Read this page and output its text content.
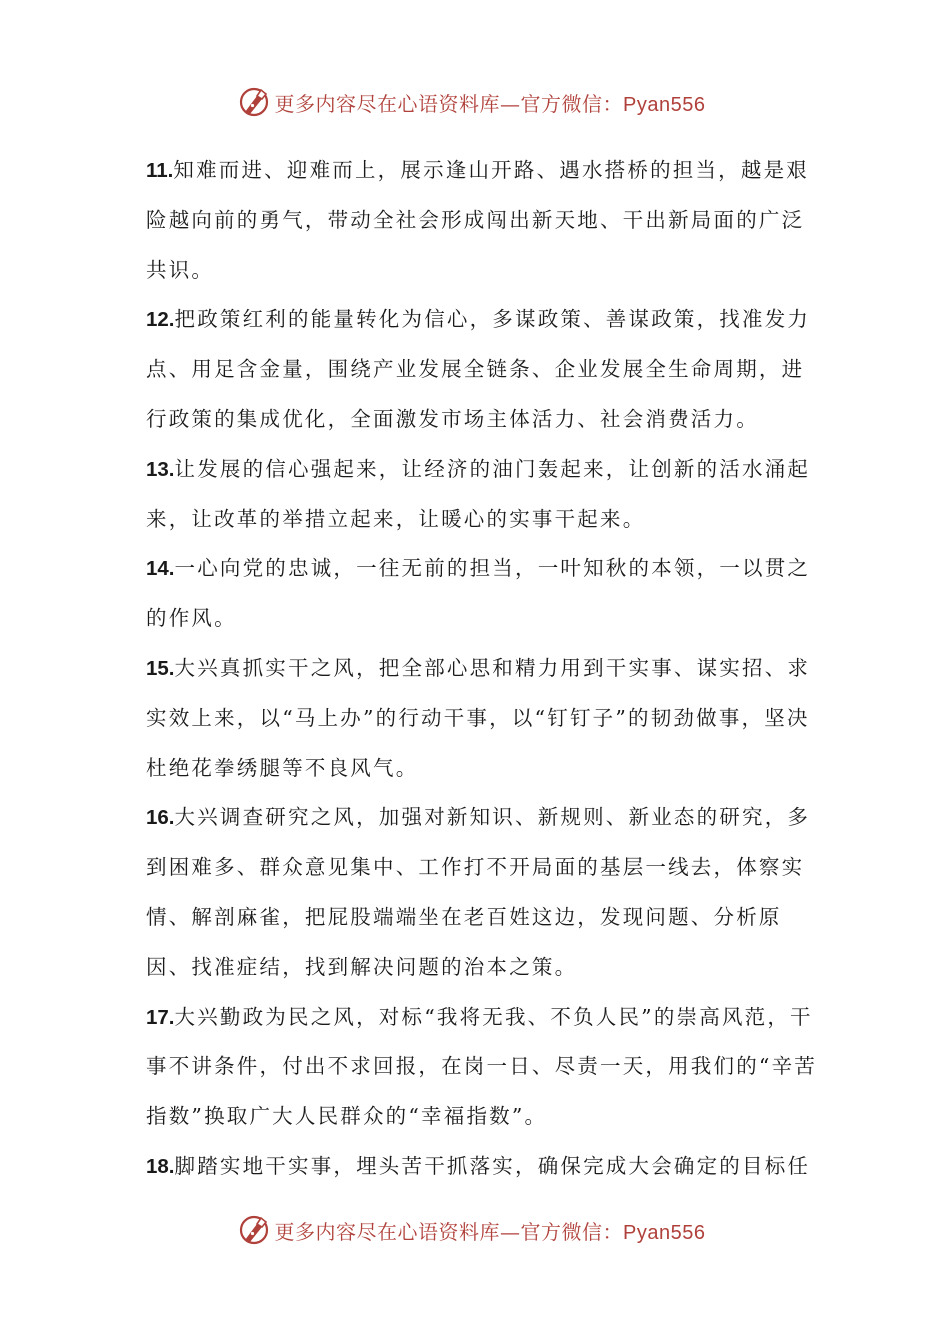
更多内容尽在心语资料库—官方微信：Pyan556

11.知难而进、迎难而上，展示逢山开路、遇水搭桥的担当，越是艰险越向前的勇气，带动全社会形成闯出新天地、干出新局面的广泛共识。

12.把政策红利的能量转化为信心，多谋政策、善谋政策，找准发力点、用足含金量，围绕产业发展全链条、企业发展全生命周期，进行政策的集成优化，全面激发市场主体活力、社会消费活力。

13.让发展的信心强起来，让经济的油门轰起来，让创新的活水涌起来，让改革的举措立起来，让暖心的实事干起来。

14.一心向党的忠诚，一往无前的担当，一叶知秋的本领，一以贯之的作风。

15.大兴真抓实干之风，把全部心思和精力用到干实事、谋实招、求实效上来，以“马上办”的行动干事，以“钉钉子”的韧劲做事，坚决杜绝花拳绣腿等不良风气。

16.大兴调查研究之风，加强对新知识、新规则、新业态的研究，多到困难多、群众意见集中、工作打不开局面的基层一线去，体察实情、解剖麻雀，把屁股端端坐在老百姓这边，发现问题、分析原因、找准症结，找到解决问题的治本之策。

17.大兴勤政为民之风，对标“我将无我、不负人民”的崇高风范，干事不讲条件，付出不求回报，在岗一日、尽责一天，用我们的“辛苦指数”换取广大人民群众的“幸福指数”。

18.脚踏实地干实事，埋头苦干抓落实，确保完成大会确定的目标任

更多内容尽在心语资料库—官方微信：Pyan556
